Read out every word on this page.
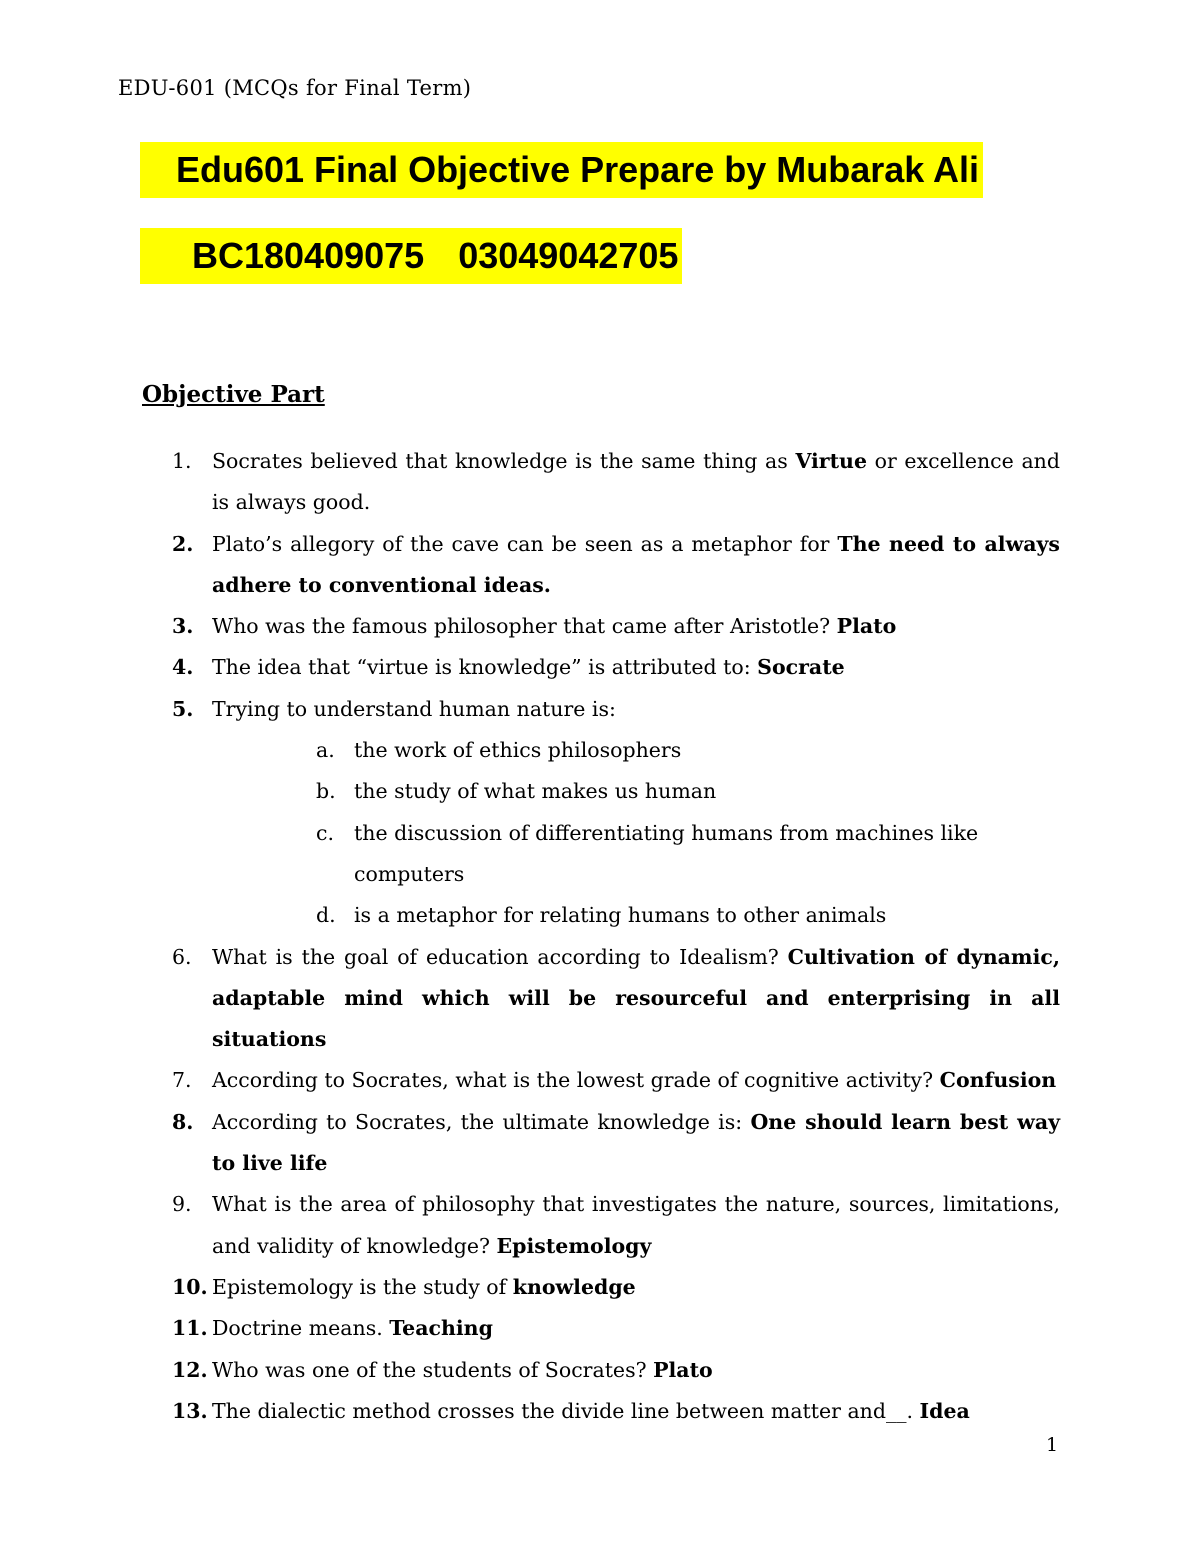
EDU-601 (MCQs for Final Term)
Edu601 Final Objective Prepare by Mubarak Ali
BC180409075 03049042705
Objective Part
1. Socrates believed that knowledge is the same thing as Virtue or excellence and is always good.
2. Plato’s allegory of the cave can be seen as a metaphor for The need to always adhere to conventional ideas.
3. Who was the famous philosopher that came after Aristotle? Plato
4. The idea that “virtue is knowledge” is attributed to: Socrate
5. Trying to understand human nature is:
a. the work of ethics philosophers
b. the study of what makes us human
c. the discussion of differentiating humans from machines like computers
d. is a metaphor for relating humans to other animals
6. What is the goal of education according to Idealism? Cultivation of dynamic, adaptable mind which will be resourceful and enterprising in all situations
7. According to Socrates, what is the lowest grade of cognitive activity? Confusion
8. According to Socrates, the ultimate knowledge is: One should learn best way to live life
9. What is the area of philosophy that investigates the nature, sources, limitations, and validity of knowledge? Epistemology
10. Epistemology is the study of knowledge
11. Doctrine means. Teaching
12. Who was one of the students of Socrates? Plato
13. The dialectic method crosses the divide line between matter and__. Idea
1
